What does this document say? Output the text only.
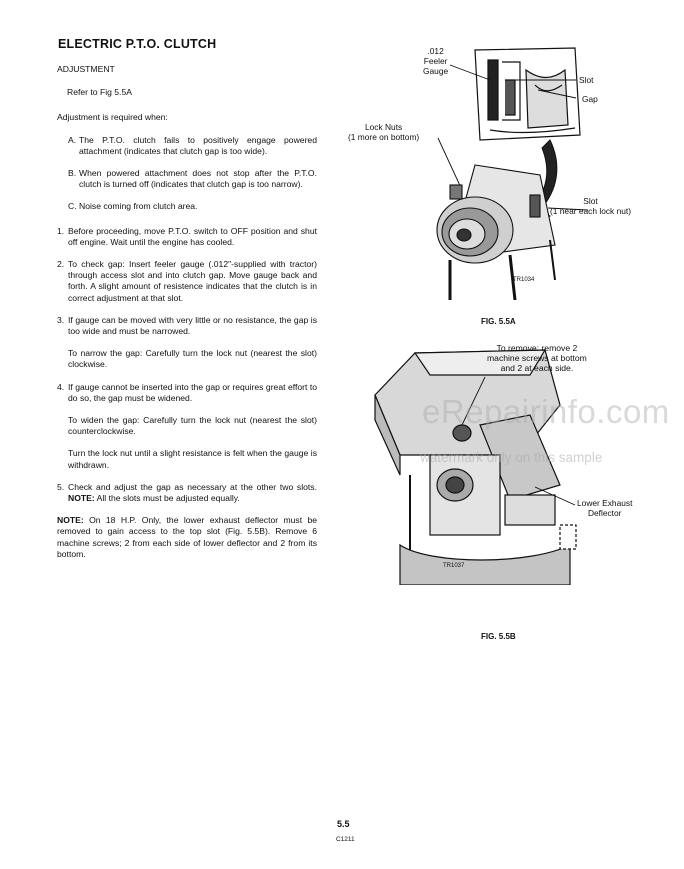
ELECTRIC P.T.O. CLUTCH

ADJUSTMENT

Refer to Fig 5.5A

Adjustment is required when:

A. The P.T.O. clutch fails to positively engage powered attachment (indicates that clutch gap is too wide).
B. When powered attachment does not stop after the P.T.O. clutch is turned off (indicates that clutch gap is too narrow).
C. Noise coming from clutch area.
1. Before proceeding, move P.T.O. switch to OFF position and shut off engine. Wait until the engine has cooled.
2. To check gap: Insert feeler gauge (.012"-supplied with tractor) through access slot and into clutch gap. Move gauge back and forth. A slight amount of resistence indicates that the clutch is in correct adjustment at that slot.
3. If gauge can be moved with very little or no resistance, the gap is too wide and must be narrowed.

To narrow the gap: Carefully turn the lock nut (nearest the slot) clockwise.

4. If gauge cannot be inserted into the gap or requires great effort to do so, the gap must be widened.

To widen the gap: Carefully turn the lock nut (nearest the slot) counterclockwise.

Turn the lock nut until a slight resistance is felt when the gauge is withdrawn.

5. Check and adjust the gap as necessary at the other two slots. NOTE: All the slots must be adjusted equally.

NOTE: On 18 H.P. Only, the lower exhaust deflector must be removed to gain access to the top slot (Fig. 5.5B). Remove 6 machine screws; 2 from each side of lower deflector and 2 from its bottom.

.012
Feeler
Gauge
Slot
Gap
Lock Nuts
(1 more on bottom)
Slot
(1 near each lock nut)
TR1034
FIG. 5.5A
To remove: remove 2
machine screws at bottom
and 2 at each side.
Lower Exhaust
Deflector
TR1037
FIG. 5.5B
eRepairinfo.com
watermark only on this sample
5.5
C1211
